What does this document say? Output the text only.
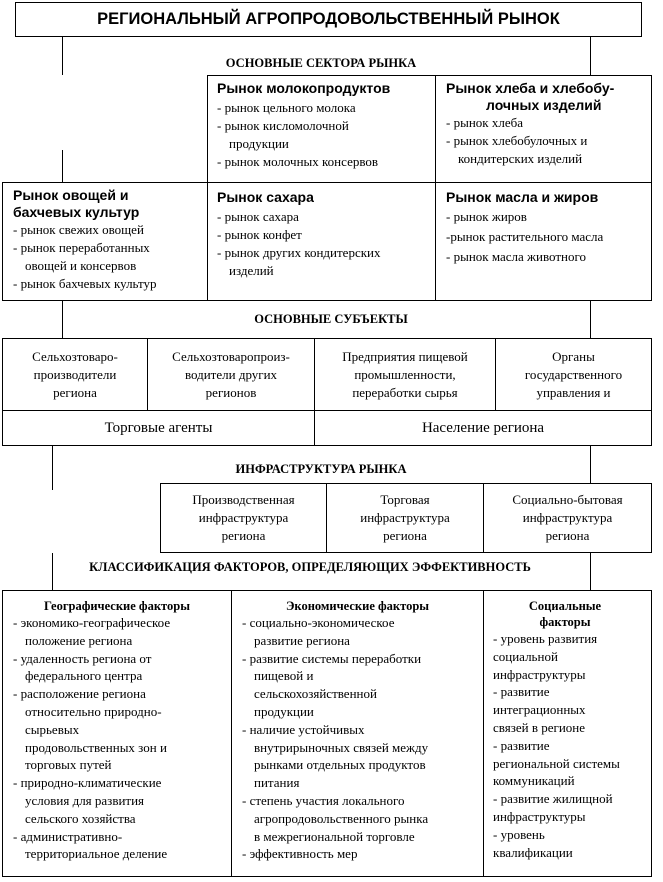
РЕГИОНАЛЬНЫЙ АГРОПРОДОВОЛЬСТВЕННЫЙ РЫНОК
ОСНОВНЫЕ СЕКТОРА РЫНКА
Рынок молокопродуктов
- рынок цельного молока
- рынок кисломолочной
продукции
- рынок молочных консервов
Рынок хлеба и хлебобу-
лочных изделий
- рынок хлеба
- рынок хлебобулочных и
кондитерских изделий
Рынок овощей и
бахчевых культур
- рынок свежих овощей
- рынок переработанных
овощей и консервов
- рынок бахчевых культур
Рынок сахара
- рынок сахара
- рынок конфет
- рынок других кондитерских
изделий
Рынок масла и жиров
- рынок жиров
-рынок растительного масла
- рынок масла животного
ОСНОВНЫЕ СУБЪЕКТЫ
Сельхозтоваро-
производители
региона
Сельхозтоваропроиз-
водители других
регионов
Предприятия пищевой
промышленности,
переработки сырья
Органы
государственного
управления и
Торговые агенты	Население региона
ИНФРАСТРУКТУРА РЫНКА
Производственная
инфраструктура
региона
Торговая
инфраструктура
региона
Социально-бытовая
инфраструктура
региона
КЛАССИФИКАЦИЯ ФАКТОРОВ, ОПРЕДЕЛЯЮЩИХ ЭФФЕКТИВНОСТЬ
Географические факторы
- экономико-географическое
положение региона
- удаленность региона от
федерального центра
- расположение региона
относительно природно-
сырьевых
продовольственных зон и
торговых путей
- природно-климатические
условия для развития
сельского хозяйства
- административно-
территориальное деление
Экономические факторы
- социально-экономическое
развитие региона
- развитие системы переработки
пищевой и
сельскохозяйственной
продукции
- наличие устойчивых
внутрирыночных связей между
рынками отдельных продуктов
питания
- степень участия локального
агропродовольственного рынка
в межрегиональной торговле
- эффективность мер
Социальные
факторы
- уровень развития
социальной
инфраструктуры
- развитие
интеграционных
связей в регионе
- развитие
региональной системы
коммуникаций
- развитие жилищной
инфраструктуры
- уровень
квалификации
